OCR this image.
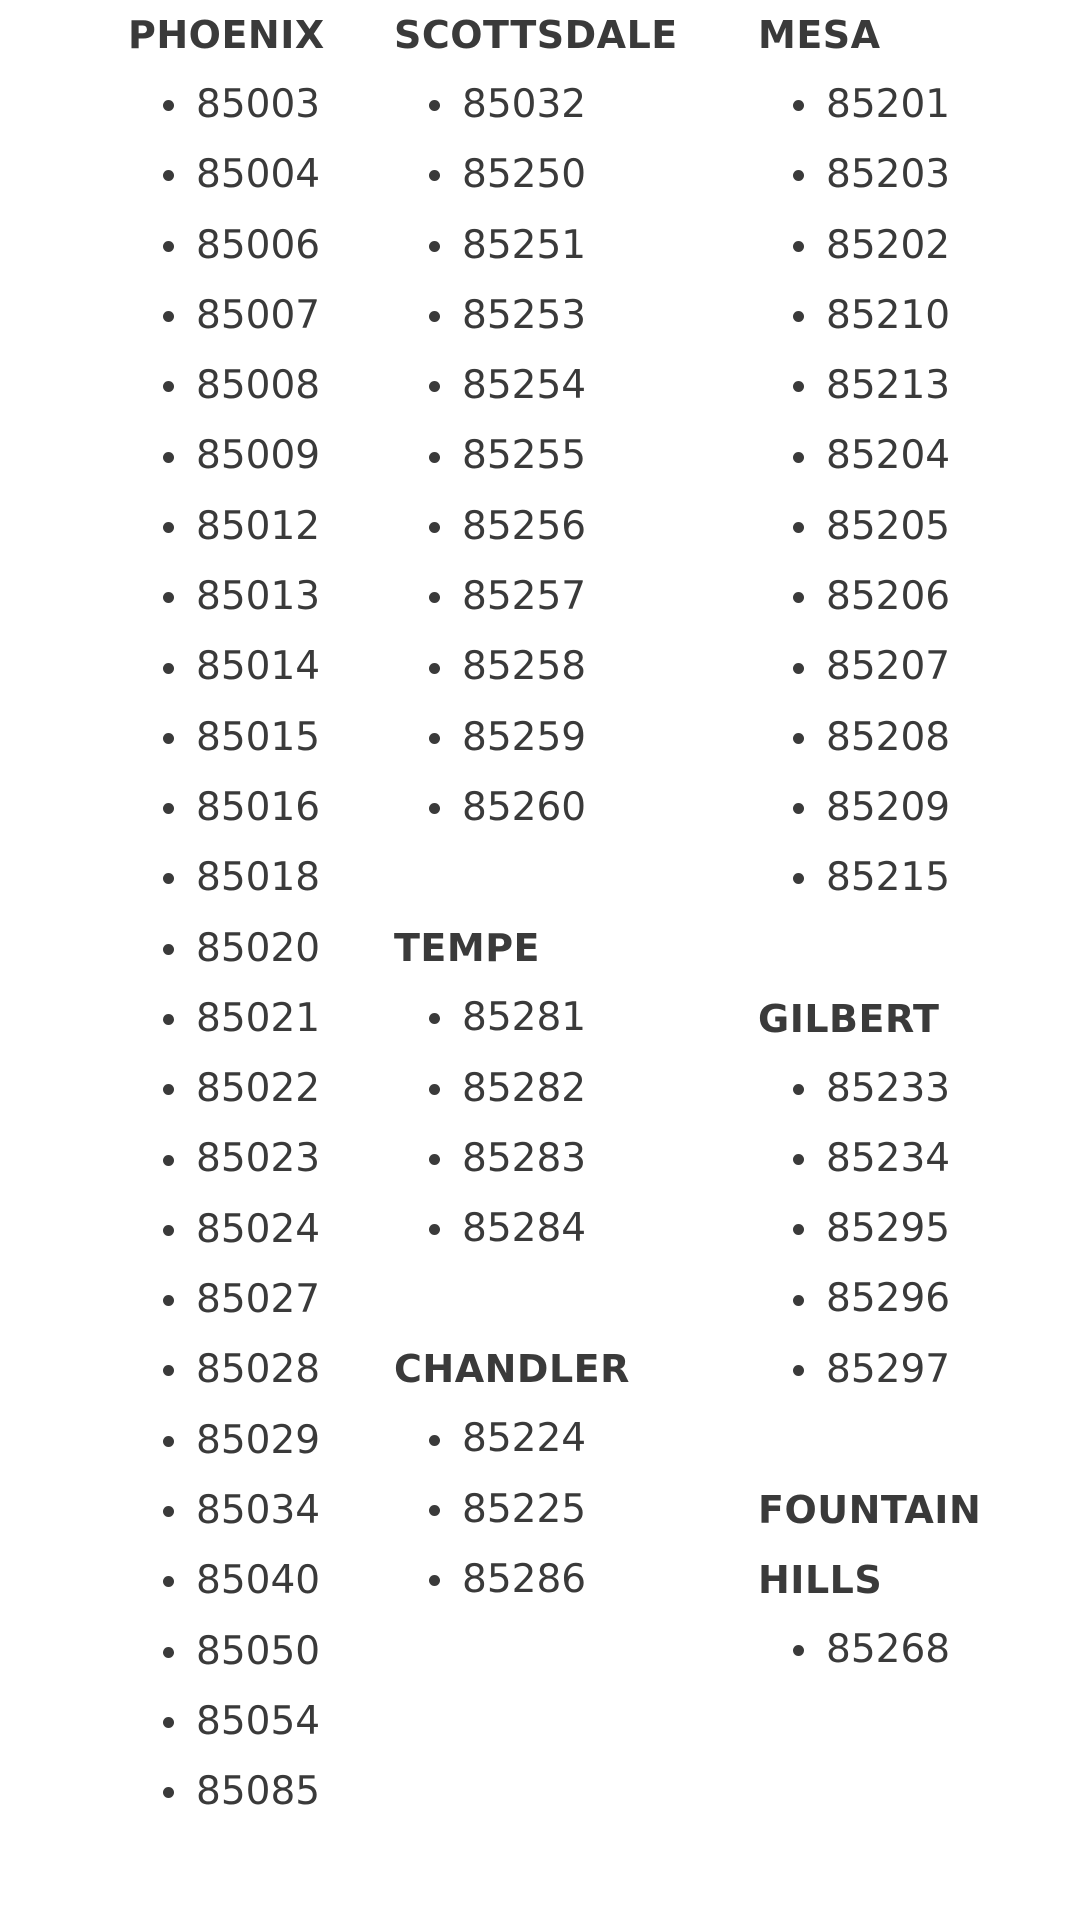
PHOENIX
85003
85004
85006
85007
85008
85009
85012
85013
85014
85015
85016
85018
85020
85021
85022
85023
85024
85027
85028
85029
85034
85040
85050
85054
85085
SCOTTSDALE
85032
85250
85251
85253
85254
85255
85256
85257
85258
85259
85260
TEMPE
85281
85282
85283
85284
CHANDLER
85224
85225
85286
MESA
85201
85203
85202
85210
85213
85204
85205
85206
85207
85208
85209
85215
GILBERT
85233
85234
85295
85296
85297
FOUNTAIN
HILLS
85268
